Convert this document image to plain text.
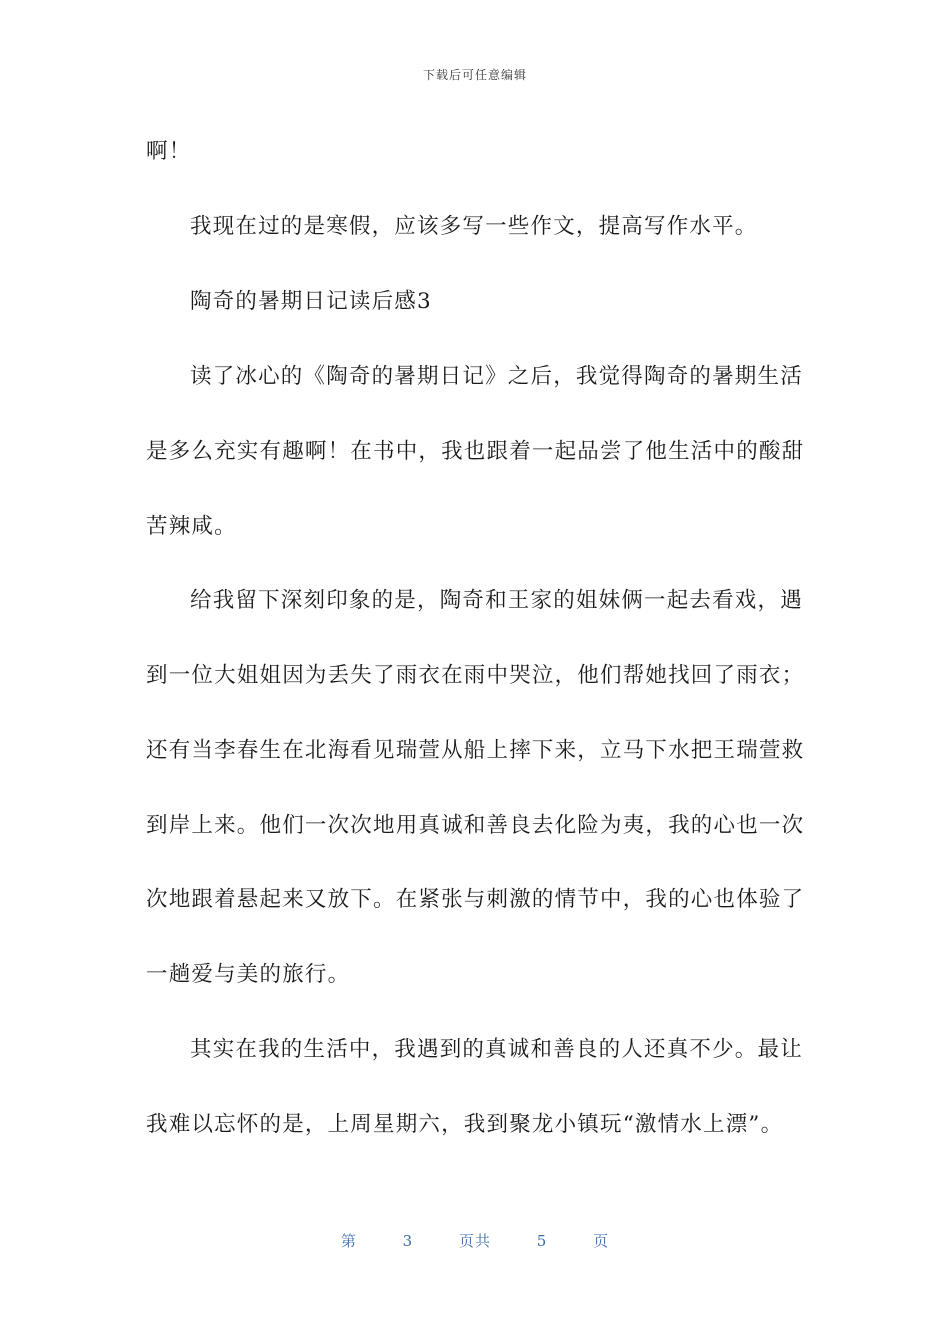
下载后可任意编辑
啊！
我现在过的是寒假，应该多写一些作文，提高写作水平。
陶奇的暑期日记读后感3
读了冰心的《陶奇的暑期日记》之后，我觉得陶奇的暑期生活
是多么充实有趣啊！在书中，我也跟着一起品尝了他生活中的酸甜
苦辣咸。
给我留下深刻印象的是，陶奇和王家的姐妹俩一起去看戏，遇
到一位大姐姐因为丢失了雨衣在雨中哭泣，他们帮她找回了雨衣；
还有当李春生在北海看见瑞萱从船上摔下来，立马下水把王瑞萱救
到岸上来。他们一次次地用真诚和善良去化险为夷，我的心也一次
次地跟着悬起来又放下。在紧张与刺激的情节中，我的心也体验了
一趟爱与美的旅行。
其实在我的生活中，我遇到的真诚和善良的人还真不少。最让
我难以忘怀的是，上周星期六，我到聚龙小镇玩“激情水上漂”。
第	3	页共	5	页
